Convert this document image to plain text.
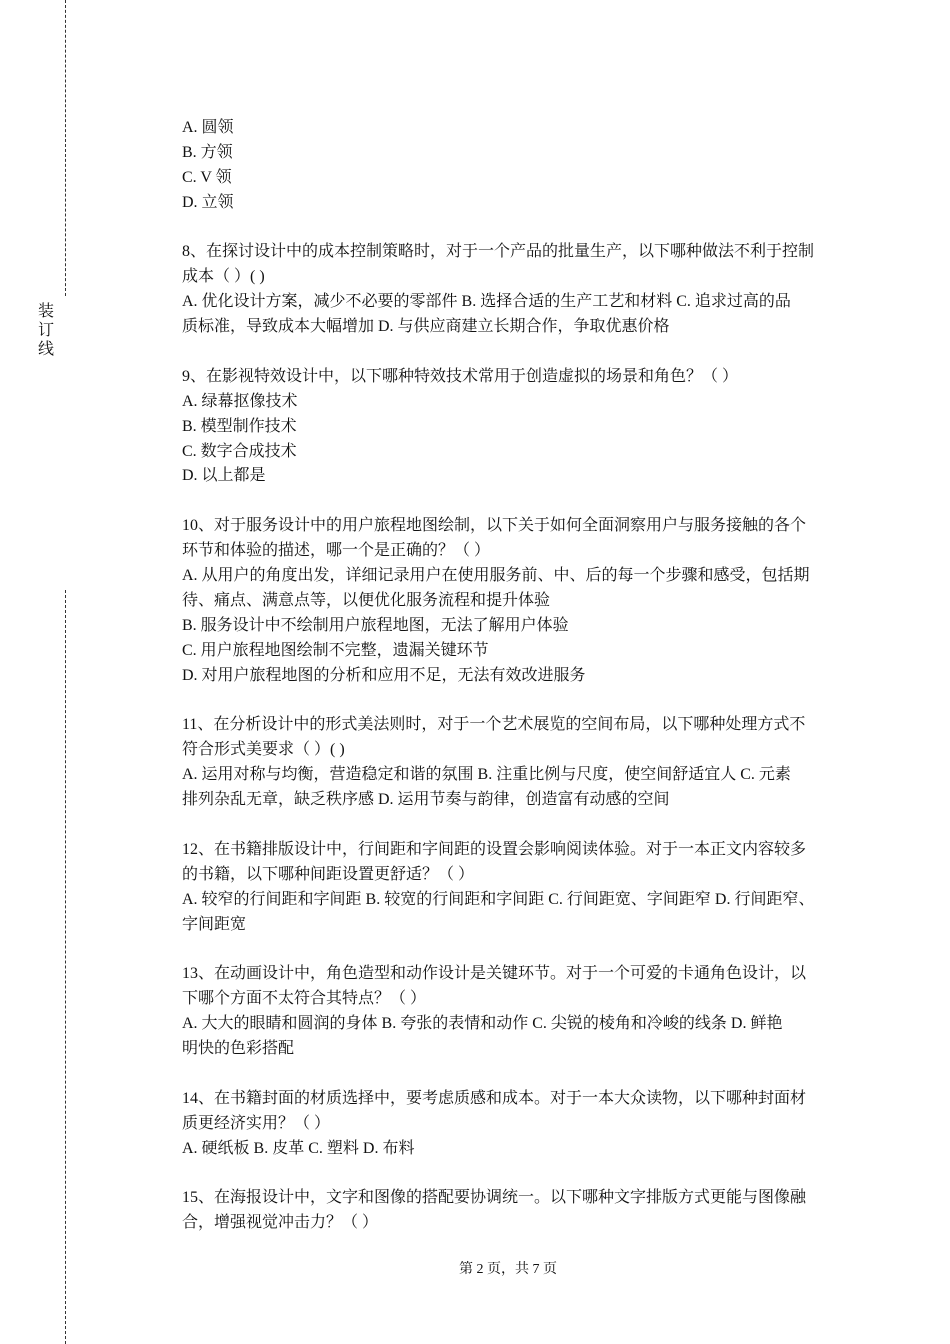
装订线
A. 圆领
B. 方领
C. V 领
D. 立领
8、在探讨设计中的成本控制策略时，对于一个产品的批量生产，以下哪种做法不利于控制
成本（ ）( )
A. 优化设计方案，减少不必要的零部件 B. 选择合适的生产工艺和材料 C. 追求过高的品
质标准，导致成本大幅增加 D. 与供应商建立长期合作，争取优惠价格
9、在影视特效设计中，以下哪种特效技术常用于创造虚拟的场景和角色？（ ）
A. 绿幕抠像技术
B. 模型制作技术
C. 数字合成技术
D. 以上都是
10、对于服务设计中的用户旅程地图绘制，以下关于如何全面洞察用户与服务接触的各个
环节和体验的描述，哪一个是正确的？（ ）
A. 从用户的角度出发，详细记录用户在使用服务前、中、后的每一个步骤和感受，包括期
待、痛点、满意点等，以便优化服务流程和提升体验
B. 服务设计中不绘制用户旅程地图，无法了解用户体验
C. 用户旅程地图绘制不完整，遗漏关键环节
D. 对用户旅程地图的分析和应用不足，无法有效改进服务
11、在分析设计中的形式美法则时，对于一个艺术展览的空间布局，以下哪种处理方式不
符合形式美要求（ ）( )
A. 运用对称与均衡，营造稳定和谐的氛围 B. 注重比例与尺度，使空间舒适宜人 C. 元素
排列杂乱无章，缺乏秩序感 D. 运用节奏与韵律，创造富有动感的空间
12、在书籍排版设计中，行间距和字间距的设置会影响阅读体验。对于一本正文内容较多
的书籍，以下哪种间距设置更舒适？（ ）
A. 较窄的行间距和字间距 B. 较宽的行间距和字间距 C. 行间距宽、字间距窄 D. 行间距窄、
字间距宽
13、在动画设计中，角色造型和动作设计是关键环节。对于一个可爱的卡通角色设计，以
下哪个方面不太符合其特点？（ ）
A. 大大的眼睛和圆润的身体 B. 夸张的表情和动作 C. 尖锐的棱角和冷峻的线条 D. 鲜艳
明快的色彩搭配
14、在书籍封面的材质选择中，要考虑质感和成本。对于一本大众读物，以下哪种封面材
质更经济实用？（ ）
A. 硬纸板 B. 皮革 C. 塑料 D. 布料
15、在海报设计中，文字和图像的搭配要协调统一。以下哪种文字排版方式更能与图像融
合，增强视觉冲击力？（ ）
第 2 页，共 7 页
